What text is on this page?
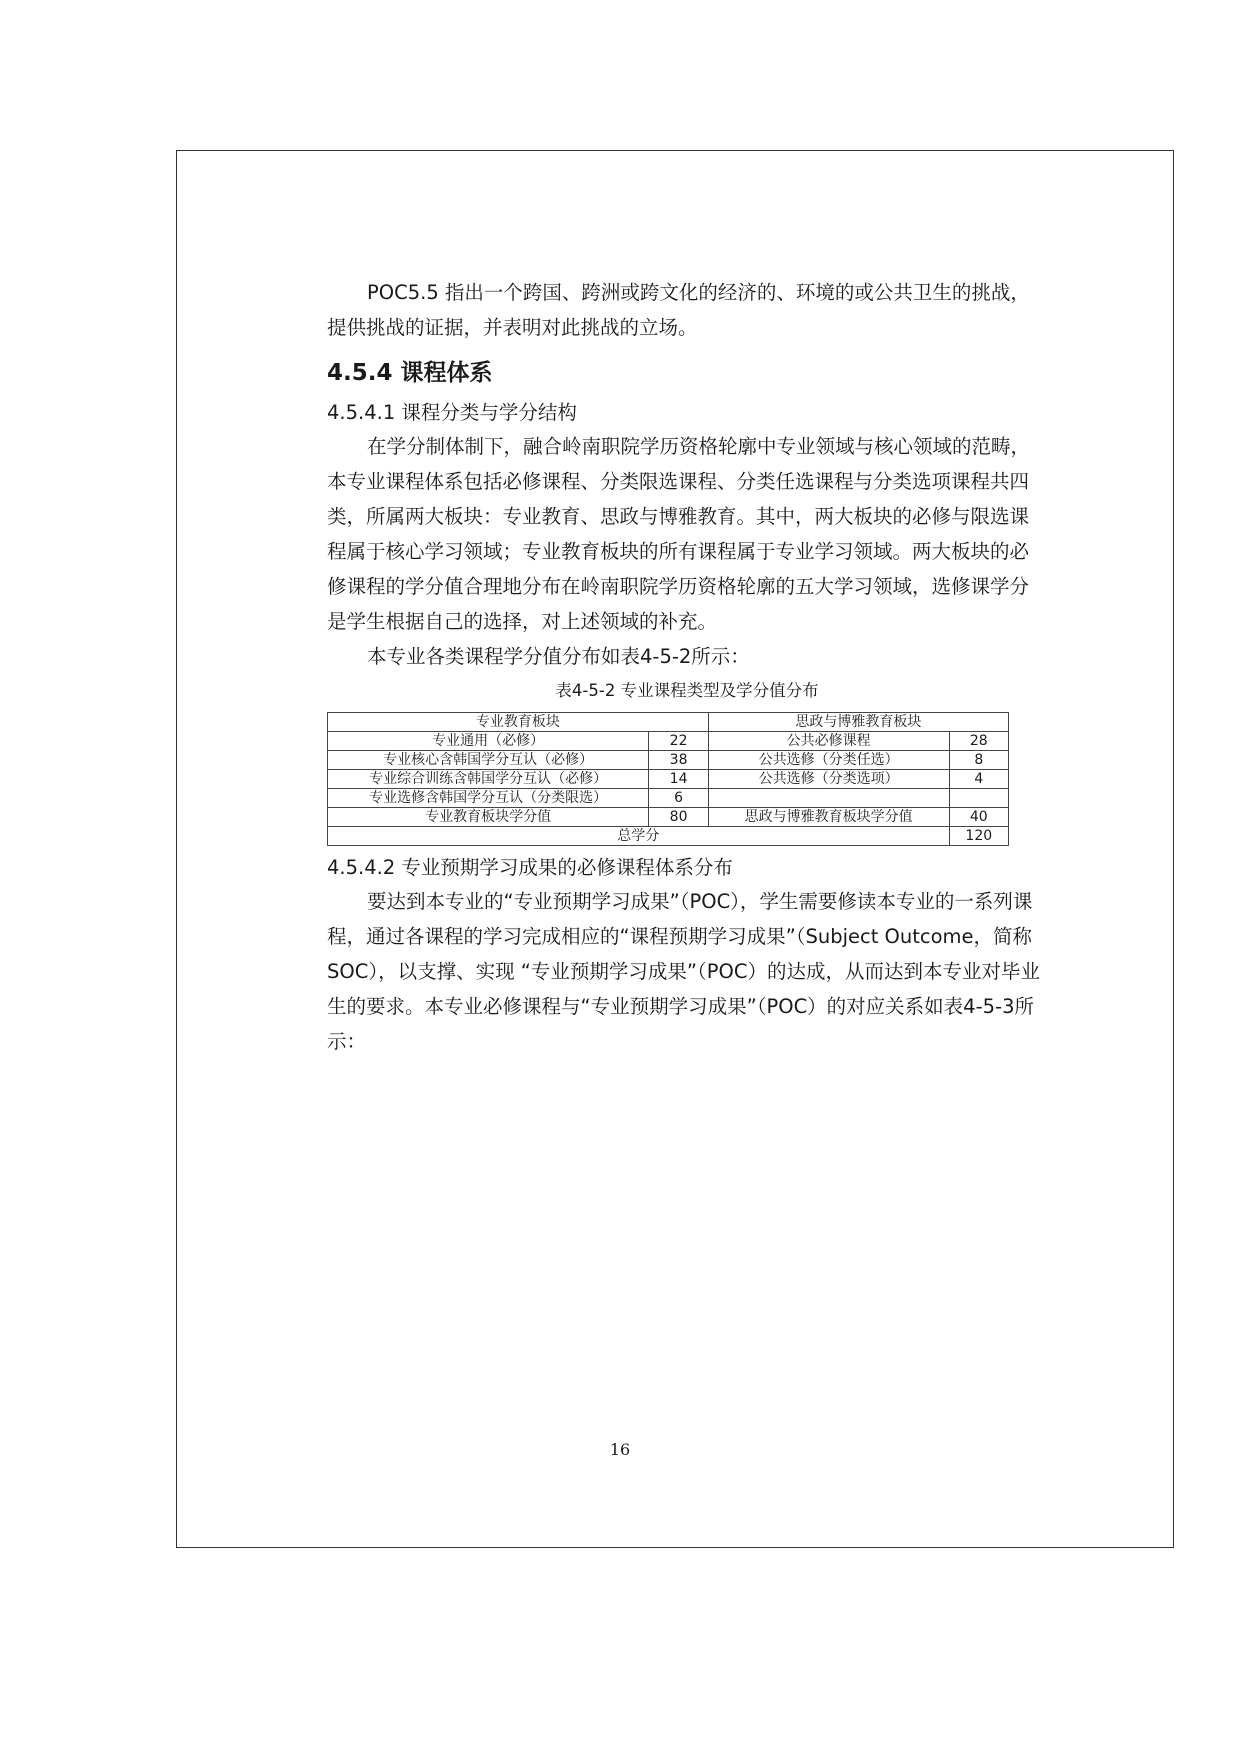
POC5.5 指出一个跨国、跨洲或跨文化的经济的、环境的或公共卫生的挑战，提供挑战的证据，并表明对此挑战的立场。

4.5.4 课程体系

4.5.4.1 课程分类与学分结构

在学分制体制下，融合岭南职院学历资格轮廓中专业领域与核心领域的范畴，本专业课程体系包括必修课程、分类限选课程、分类任选课程与分类选项课程共四类，所属两大板块：专业教育、思政与博雅教育。其中，两大板块的必修与限选课程属于核心学习领域；专业教育板块的所有课程属于专业学习领域。两大板块的必修课程的学分值合理地分布在岭南职院学历资格轮廓的五大学习领域，选修课学分是学生根据自己的选择，对上述领域的补充。

本专业各类课程学分值分布如表4-5-2所示：

表4-5-2 专业课程类型及学分值分布
专业教育板块		思政与博雅教育板块	
专业通用（必修）	22	公共必修课程	28
专业核心含韩国学分互认（必修）	38	公共选修（分类任选）	8
专业综合训练含韩国学分互认（必修）	14	公共选修（分类选项）	4
专业选修含韩国学分互认（分类限选）	6		
专业教育板块学分值	80	思政与博雅教育板块学分值	40
总学分			120

4.5.4.2 专业预期学习成果的必修课程体系分布

要达到本专业的“专业预期学习成果”（POC），学生需要修读本专业的一系列课程，通过各课程的学习完成相应的“课程预期学习成果”（Subject Outcome，简称SOC），以支撑、实现 “专业预期学习成果”（POC）的达成，从而达到本专业对毕业生的要求。本专业必修课程与“专业预期学习成果”（POC）的对应关系如表4-5-3所示：

16
